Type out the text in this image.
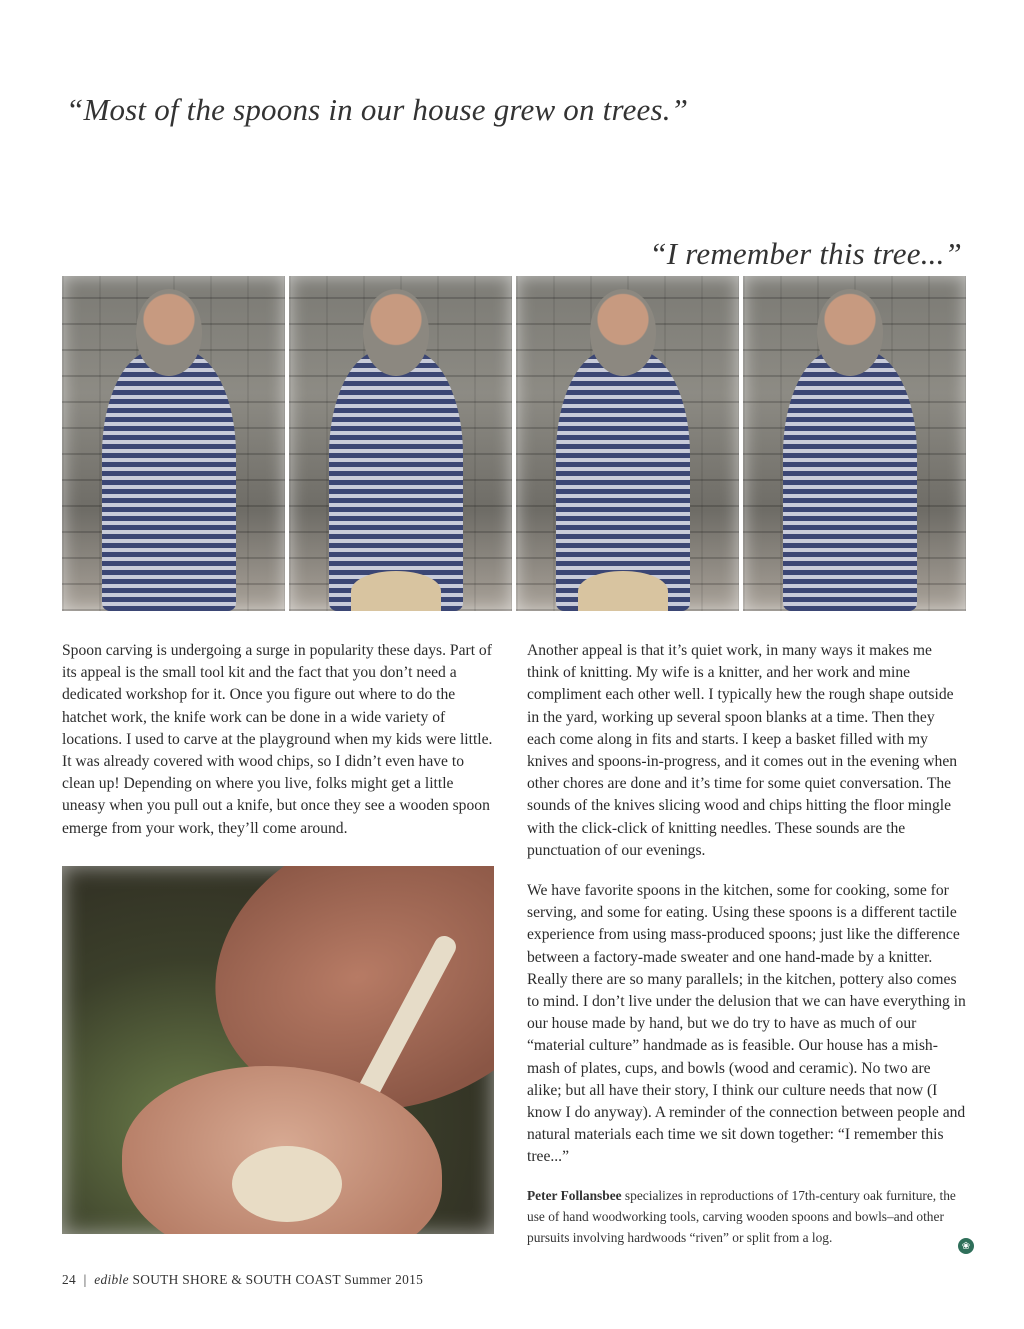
“Most of the spoons in our house grew on trees.”
“I remember this tree...”

Spoon carving is undergoing a surge in popularity these days. Part of its appeal is the small tool kit and the fact that you don’t need a dedicated workshop for it. Once you figure out where to do the hatchet work, the knife work can be done in a wide variety of locations. I used to carve at the playground when my kids were little. It was already covered with wood chips, so I didn’t even have to clean up! Depending on where you live, folks might get a little uneasy when you pull out a knife, but once they see a wooden spoon emerge from your work, they’ll come around.

Another appeal is that it’s quiet work, in many ways it makes me think of knitting. My wife is a knitter, and her work and mine compliment each other well. I typically hew the rough shape outside in the yard, working up several spoon blanks at a time. Then they each come along in fits and starts. I keep a basket filled with my knives and spoons-in-progress, and it comes out in the evening when other chores are done and it’s time for some quiet conversation. The sounds of the knives slicing wood and chips hitting the floor mingle with the click-click of knitting needles. These sounds are the punctuation of our evenings.

We have favorite spoons in the kitchen, some for cooking, some for serving, and some for eating. Using these spoons is a different tactile experience from using mass-produced spoons; just like the difference between a factory-made sweater and one hand-made by a knitter. Really there are so many parallels; in the kitchen, pottery also comes to mind. I don’t live under the delusion that we can have everything in our house made by hand, but we do try to have as much of our “material culture” handmade as is feasible. Our house has a mish-mash of plates, cups, and bowls (wood and ceramic). No two are alike; but all have their story, I think our culture needs that now (I know I do anyway). A reminder of the connection between people and natural materials each time we sit down together: “I remember this tree...”

Peter Follansbee specializes in reproductions of 17th-century oak furniture, the use of hand woodworking tools, carving wooden spoons and bowls–and other pursuits involving hardwoods “riven” or split from a log.
❀
24 | edible SOUTH SHORE & SOUTH COAST Summer 2015
